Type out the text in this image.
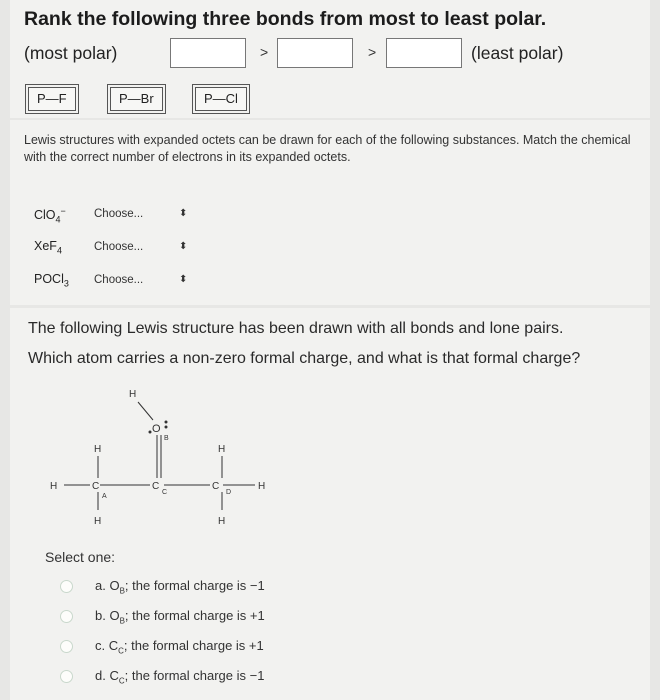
Rank the following three bonds from most to least polar.
(most polar)	>	>	(least polar)
P—F	P—Br	P—Cl
Lewis structures with expanded octets can be drawn for each of the following substances. Match the chemical with the correct number of electrons in its expanded octets.
ClO$_4$−	Choose...	⬍
XeF$_4$	Choose...	⬍
POCl$_3$	Choose...	⬍
The following Lewis structure has been drawn with all bonds and lone pairs.
Which atom carries a non-zero formal charge, and what is that formal charge?
H
O
B
H	H
C
A
C
C
C
D
H	H
H	H
Select one:
a. $O_B$; the formal charge is −1
b. $O_B$; the formal charge is +1
c. $C_C$; the formal charge is +1
d. $C_C$; the formal charge is −1
